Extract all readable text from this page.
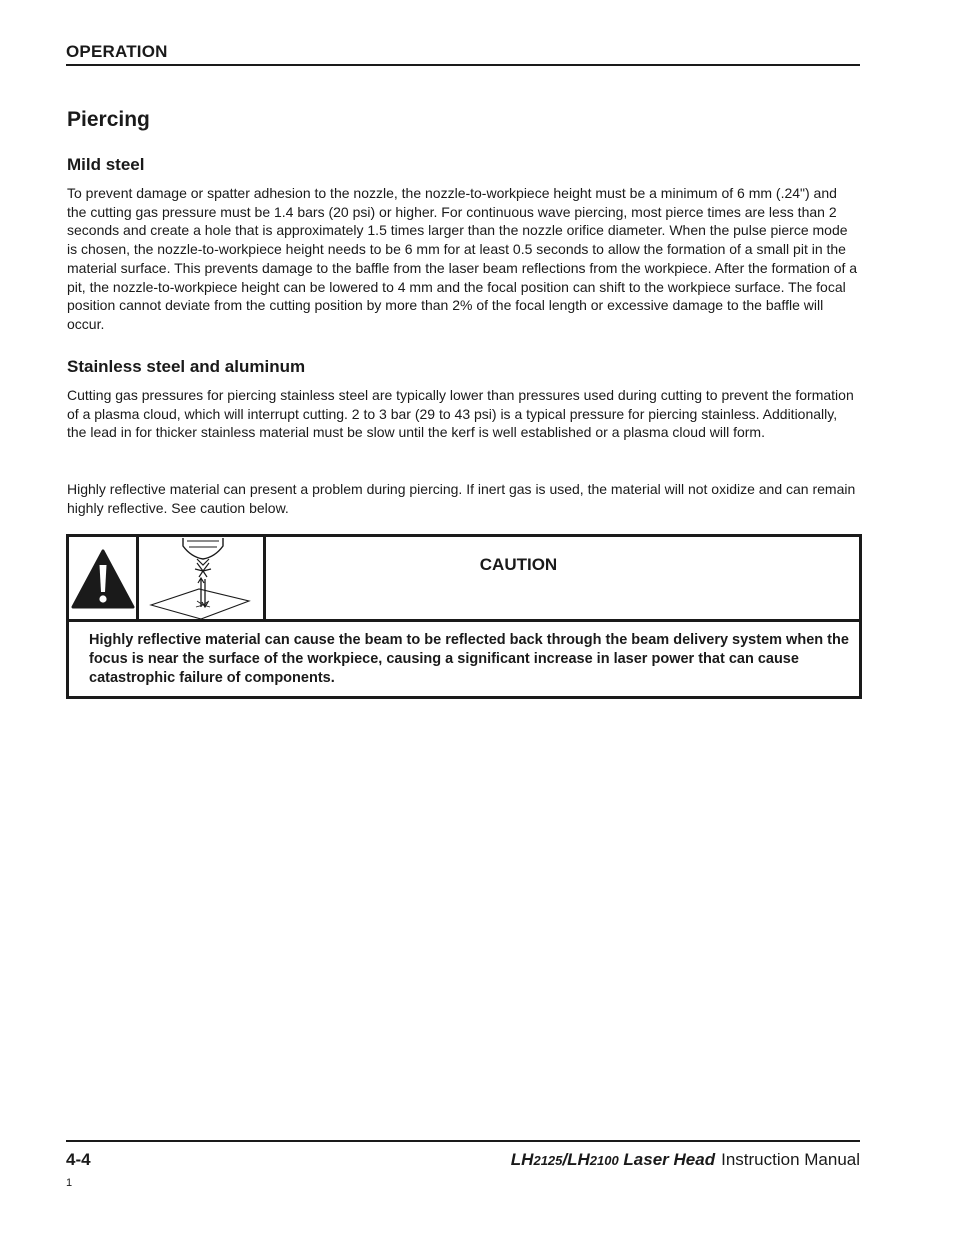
OPERATION
Piercing
Mild steel

To prevent damage or spatter adhesion to the nozzle, the nozzle-to-workpiece height must be a minimum of 6 mm (.24") and the cutting gas pressure must be 1.4 bars (20 psi) or higher. For continuous wave piercing, most pierce times are less than 2 seconds and create a hole that is approximately 1.5 times larger than the nozzle orifice diameter. When the pulse pierce mode is chosen, the nozzle-to-workpiece height needs to be 6 mm for at least 0.5 seconds to allow the formation of a small pit in the material surface. This prevents damage to the baffle from the laser beam reflections from the workpiece. After the formation of a pit, the nozzle-to-workpiece height can be lowered to 4 mm and the focal position can shift to the workpiece surface. The focal position cannot deviate from the cutting position by more than 2% of the focal length or excessive damage to the baffle will occur.

Stainless steel and aluminum

Cutting gas pressures for piercing stainless steel are typically lower than pressures used during cutting to prevent the formation of a plasma cloud, which will interrupt cutting. 2 to 3 bar (29 to 43 psi) is a typical pressure for piercing stainless. Additionally, the lead in for thicker stainless material must be slow until the kerf is well established or a plasma cloud will form.

Highly reflective material can present a problem during piercing. If inert gas is used, the material will not oxidize and can remain highly reflective. See caution below.

CAUTION
Highly reflective material can cause the beam to be reflected back through the beam delivery system when the focus is near the surface of the workpiece, causing a significant increase in laser power that can cause catastrophic failure of components.
4-4	LH2125/LH2100 Laser Head Instruction Manual
1
